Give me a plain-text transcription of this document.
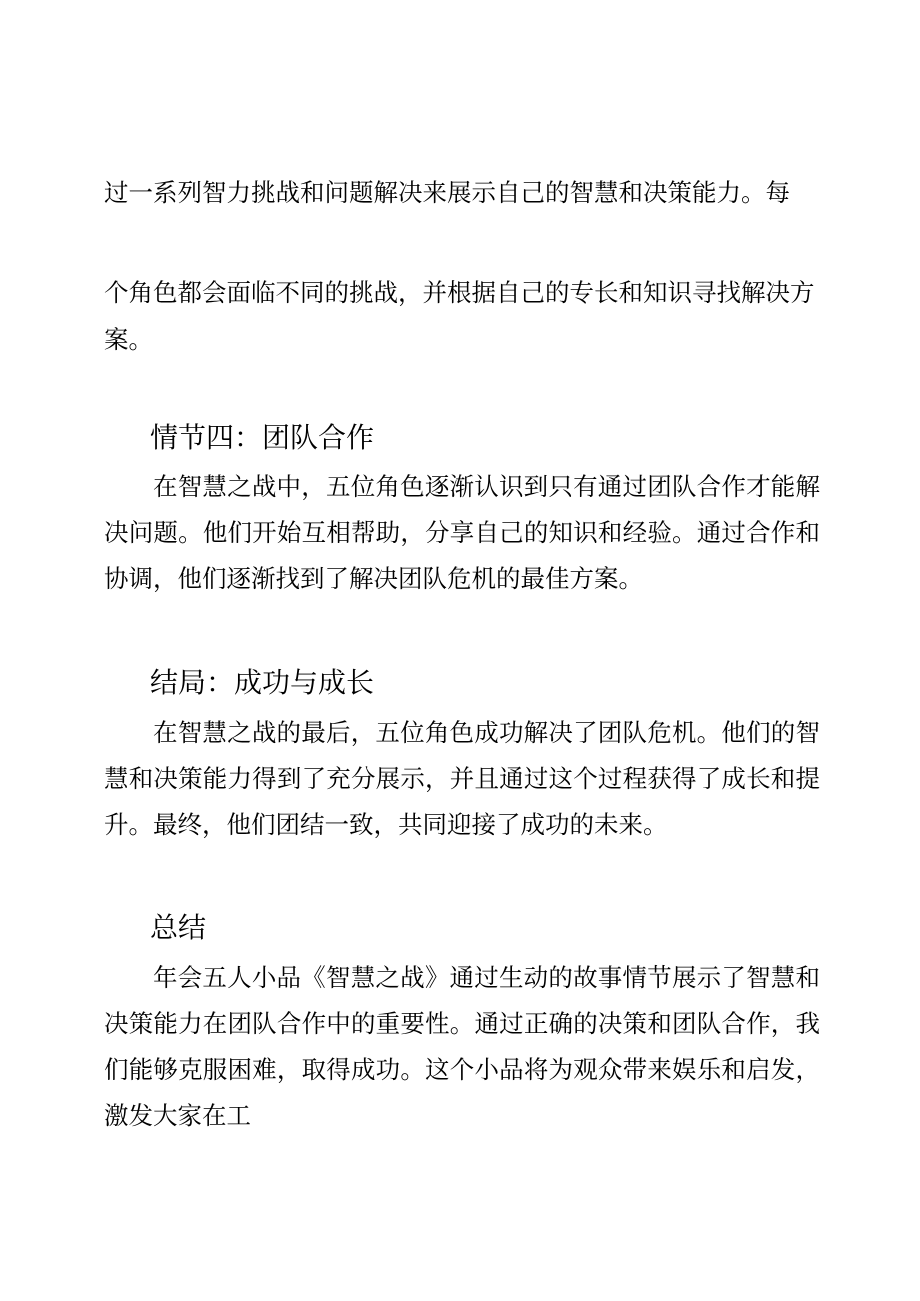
过一系列智力挑战和问题解决来展示自己的智慧和决策能力。每

个角色都会面临不同的挑战，并根据自己的专长和知识寻找解决方

案。

情节四：团队合作

在智慧之战中，五位角色逐渐认识到只有通过团队合作才能解决问题。他们开始互相帮助，分享自己的知识和经验。通过合作和协调，他们逐渐找到了解决团队危机的最佳方案。

结局：成功与成长

在智慧之战的最后，五位角色成功解决了团队危机。他们的智慧和决策能力得到了充分展示，并且通过这个过程获得了成长和提升。最终，他们团结一致，共同迎接了成功的未来。

总结

年会五人小品《智慧之战》通过生动的故事情节展示了智慧和决策能力在团队合作中的重要性。通过正确的决策和团队合作，我们能够克服困难，取得成功。这个小品将为观众带来娱乐和启发，激发大家在工
